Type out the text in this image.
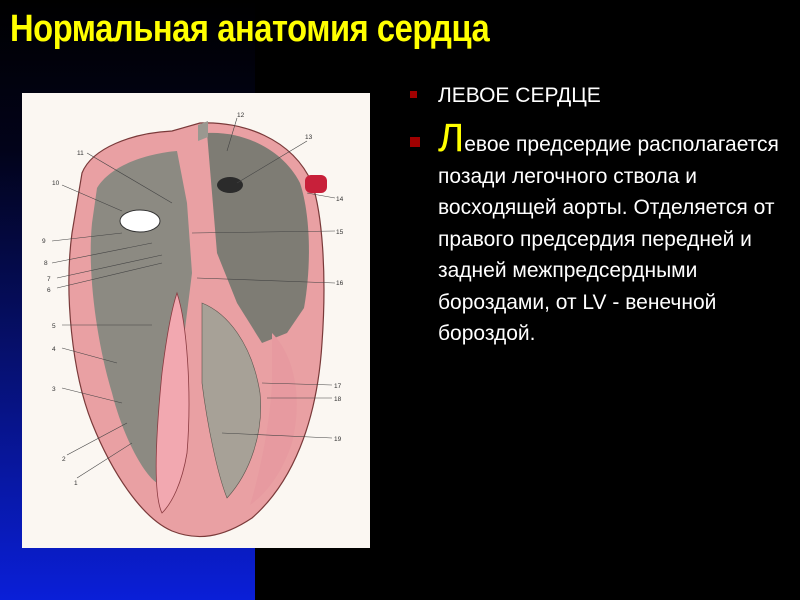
Нормальная анатомия сердца
1
2
3
4
5
6
7
8
9
10
11
12
13
14
15
16
17
18
19
ЛЕВОЕ СЕРДЦЕ
Левое предсердие располагается позади легочного ствола и восходящей аорты. Отделяется от правого предсердия передней и задней межпредсердными бороздами, от LV - венечной бороздой.
